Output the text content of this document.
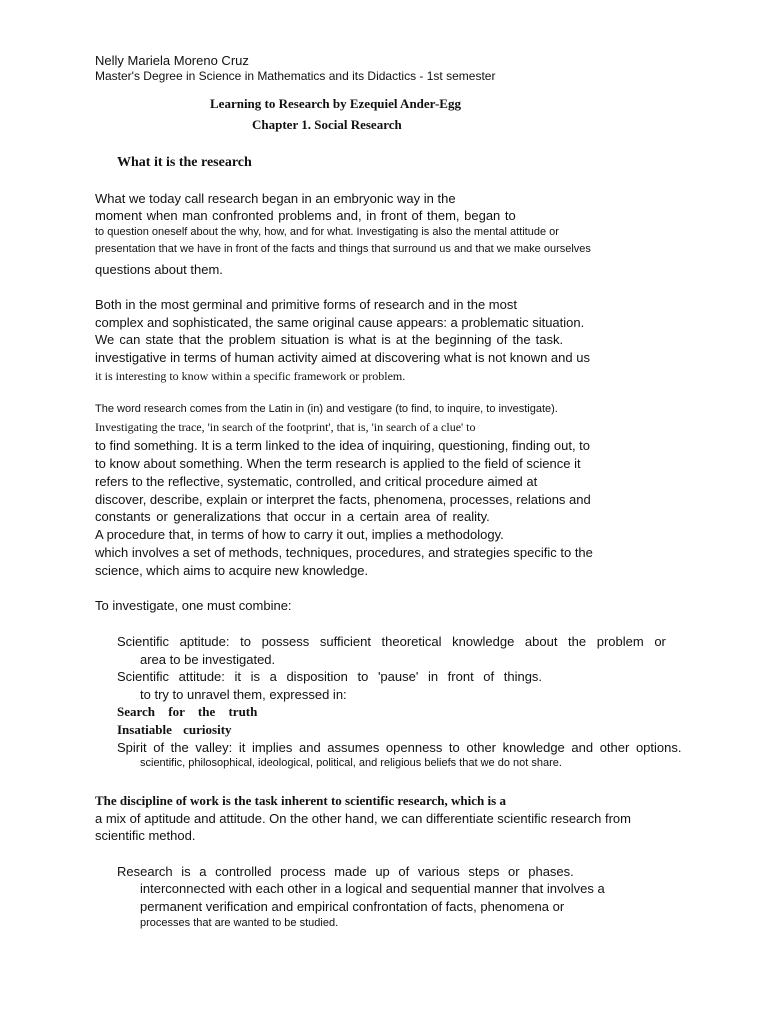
Nelly Mariela Moreno Cruz

Master's Degree in Science in Mathematics and its Didactics - 1st semester

Learning to Research by Ezequiel Ander-Egg

Chapter 1. Social Research

What it is the research

What we today call research began in an embryonic way in the

moment when man confronted problems and, in front of them, began to

to question oneself about the why, how, and for what. Investigating is also the mental attitude or

presentation that we have in front of the facts and things that surround us and that we make ourselves

questions about them.

Both in the most germinal and primitive forms of research and in the most

complex and sophisticated, the same original cause appears: a problematic situation.

We can state that the problem situation is what is at the beginning of the task.

investigative in terms of human activity aimed at discovering what is not known and us

it is interesting to know within a specific framework or problem.

The word research comes from the Latin in (in) and vestigare (to find, to inquire, to investigate).

Investigating the trace, 'in search of the footprint', that is, 'in search of a clue' to

to find something. It is a term linked to the idea of inquiring, questioning, finding out, to

to know about something. When the term research is applied to the field of science it

refers to the reflective, systematic, controlled, and critical procedure aimed at

discover, describe, explain or interpret the facts, phenomena, processes, relations and

constants or generalizations that occur in a certain area of reality.

A procedure that, in terms of how to carry it out, implies a methodology.

which involves a set of methods, techniques, procedures, and strategies specific to the

science, which aims to acquire new knowledge.

To investigate, one must combine:

Scientific aptitude: to possess sufficient theoretical knowledge about the problem or

area to be investigated.

Scientific attitude: it is a disposition to 'pause' in front of things.

to try to unravel them, expressed in:

Search for the truth

Insatiable curiosity

Spirit of the valley: it implies and assumes openness to other knowledge and other options.

scientific, philosophical, ideological, political, and religious beliefs that we do not share.

The discipline of work is the task inherent to scientific research, which is a

a mix of aptitude and attitude. On the other hand, we can differentiate scientific research from

scientific method.

Research is a controlled process made up of various steps or phases.

interconnected with each other in a logical and sequential manner that involves a

permanent verification and empirical confrontation of facts, phenomena or

processes that are wanted to be studied.
